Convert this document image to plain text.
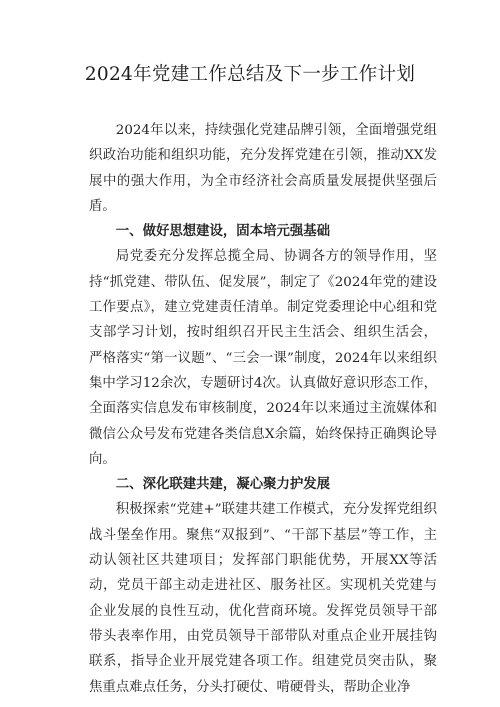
2024年党建工作总结及下一步工作计划

2024年以来，持续强化党建品牌引领，全面增强党组织政治功能和组织功能，充分发挥党建在引领，推动XX发展中的强大作用，为全市经济社会高质量发展提供坚强后盾。

一、做好思想建设，固本培元强基础

局党委充分发挥总揽全局、协调各方的领导作用，坚持“抓党建、带队伍、促发展”，制定了《2024年党的建设工作要点》，建立党建责任清单。制定党委理论中心组和党支部学习计划，按时组织召开民主生活会、组织生活会，严格落实“第一议题”、“三会一课”制度，2024年以来组织集中学习12余次，专题研讨4次。认真做好意识形态工作，全面落实信息发布审核制度，2024年以来通过主流媒体和微信公众号发布党建各类信息X余篇，始终保持正确舆论导向。

二、深化联建共建，凝心聚力护发展

积极探索“党建+”联建共建工作模式，充分发挥党组织战斗堡垒作用。聚焦“双报到”、“干部下基层”等工作，主动认领社区共建项目；发挥部门职能优势，开展XX等活动，党员干部主动走进社区、服务社区。实现机关党建与企业发展的良性互动，优化营商环境。发挥党员领导干部带头表率作用，由党员领导干部带队对重点企业开展挂钩联系，指导企业开展党建各项工作。组建党员突击队，聚焦重点难点任务，分头打硬仗、啃硬骨头，帮助企业净
